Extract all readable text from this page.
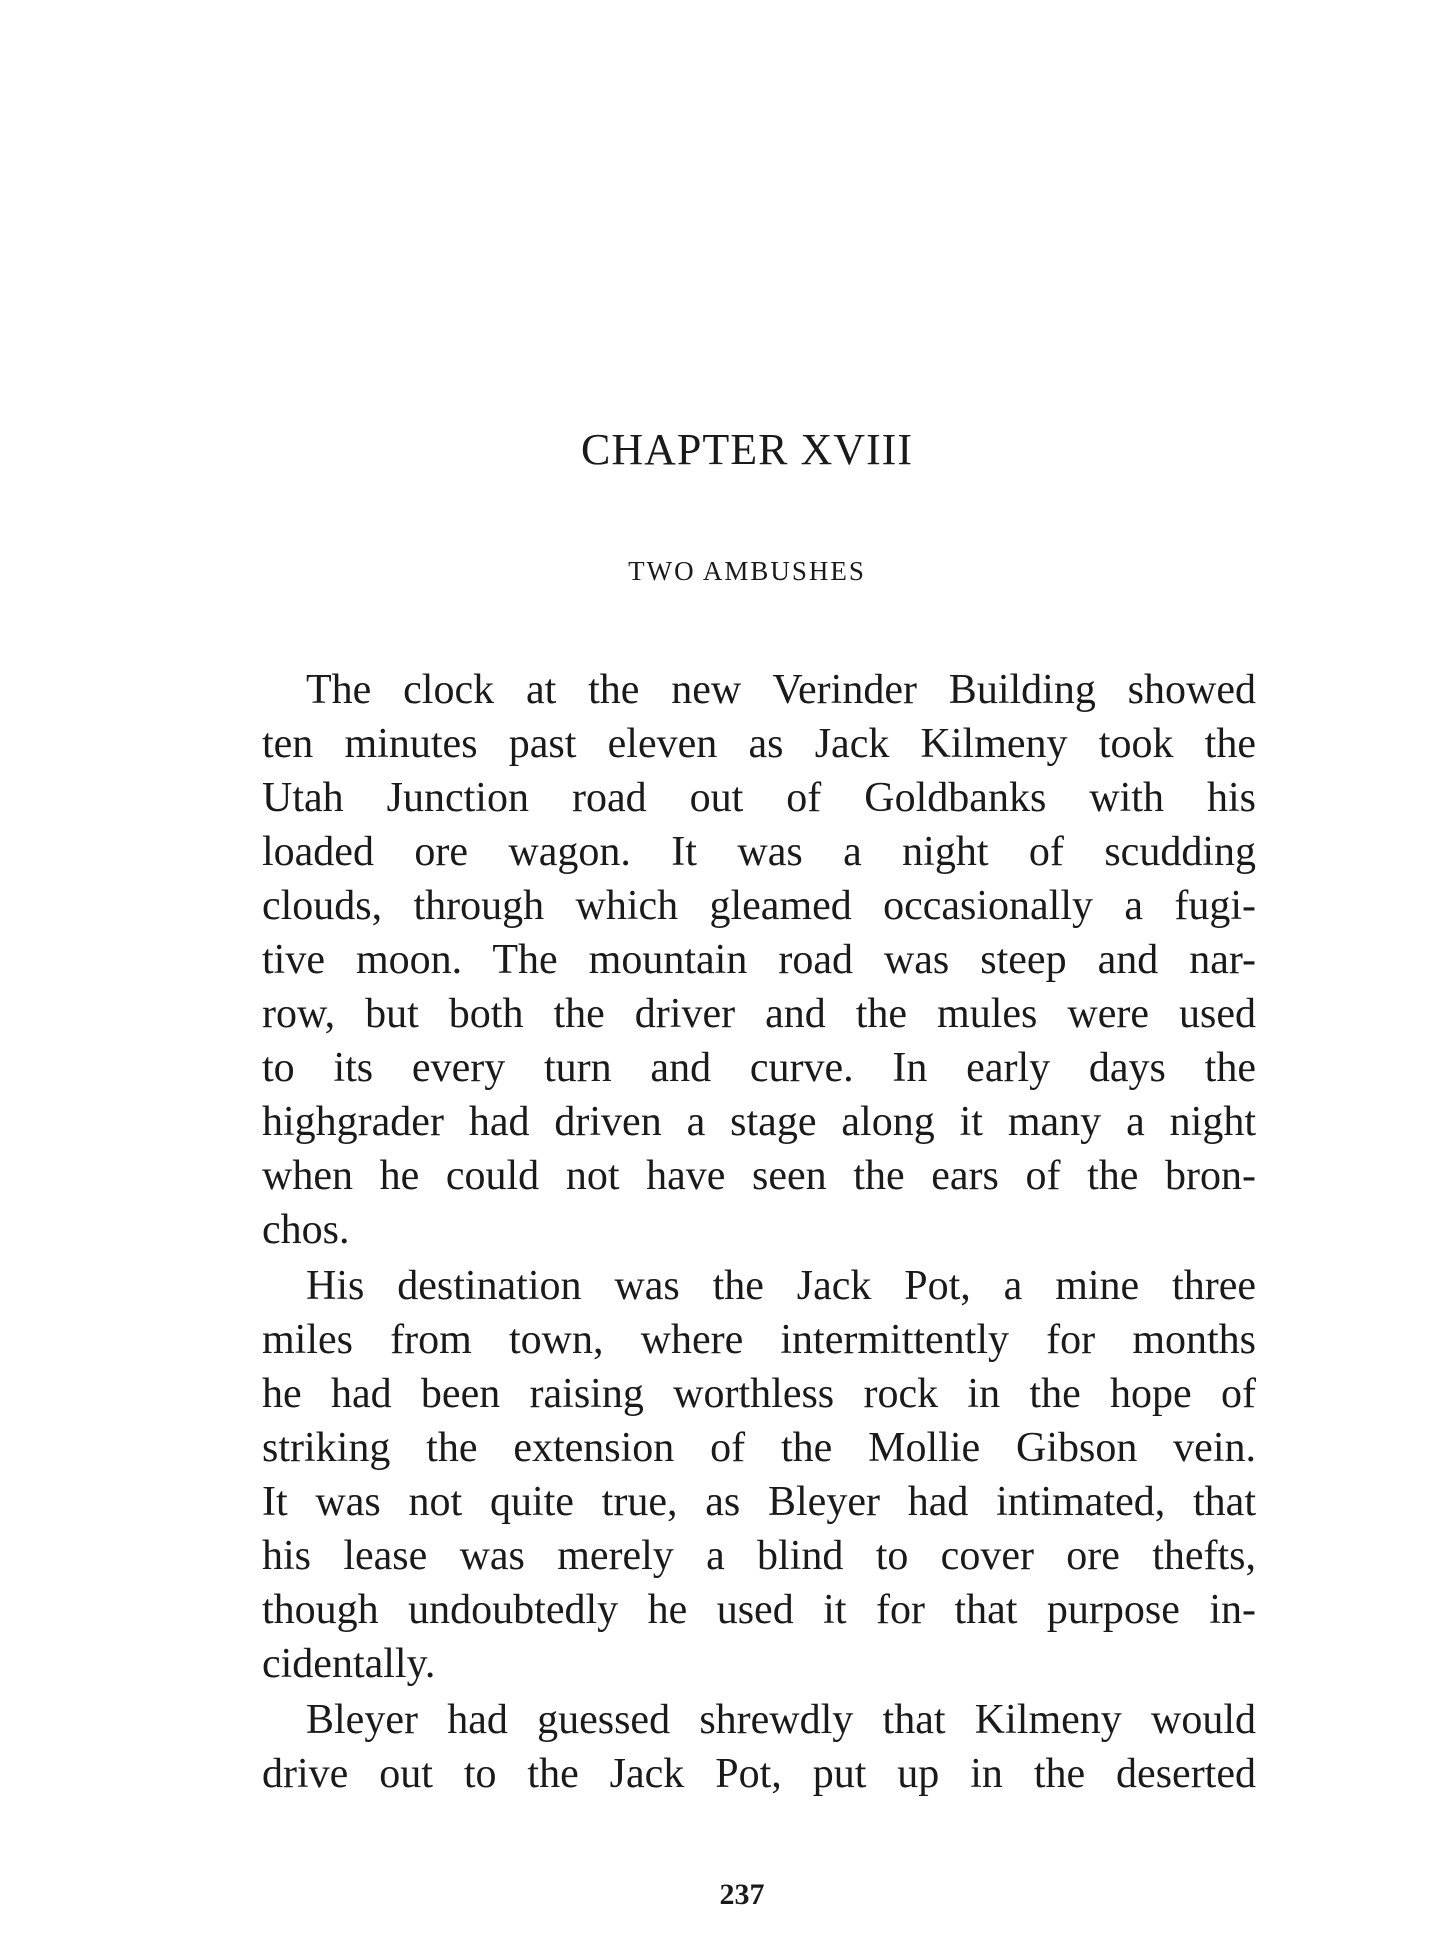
CHAPTER XVIII
TWO AMBUSHES
The clock at the new Verinder Building showed
ten minutes past eleven as Jack Kilmeny took the
Utah Junction road out of Goldbanks with his
loaded ore wagon. It was a night of scudding
clouds, through which gleamed occasionally a fugi-
tive moon. The mountain road was steep and nar-
row, but both the driver and the mules were used
to its every turn and curve. In early days the
highgrader had driven a stage along it many a night
when he could not have seen the ears of the bron-
chos.
His destination was the Jack Pot, a mine three
miles from town, where intermittently for months
he had been raising worthless rock in the hope of
striking the extension of the Mollie Gibson vein.
It was not quite true, as Bleyer had intimated, that
his lease was merely a blind to cover ore thefts,
though undoubtedly he used it for that purpose in-
cidentally.
Bleyer had guessed shrewdly that Kilmeny would
drive out to the Jack Pot, put up in the deserted
237
